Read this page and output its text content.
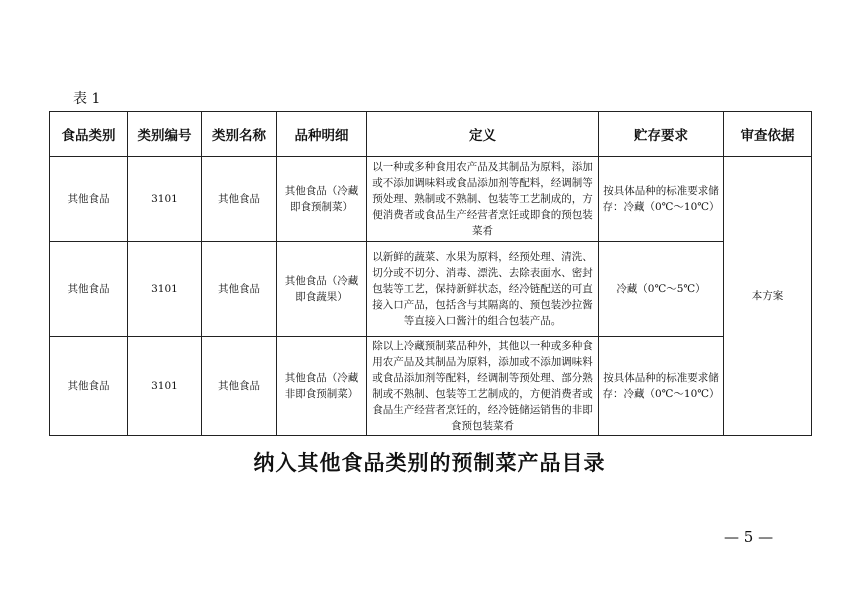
表 1
食品类别	类别编号	类别名称	品种明细	定义	贮存要求	审查依据
其他食品	3101	其他食品	其他食品（冷藏即食预制菜）	以一种或多种食用农产品及其制品为原料，添加或不添加调味料或食品添加剂等配料，经调制等预处理、熟制或不熟制、包装等工艺制成的，方便消费者或食品生产经营者烹饪或即食的预包装菜肴	按具体品种的标准要求储存：冷藏（0℃～10℃）	本方案
其他食品	3101	其他食品	其他食品（冷藏即食蔬果）	以新鲜的蔬菜、水果为原料，经预处理、清洗、切分或不切分、消毒、漂洗、去除表面水、密封包装等工艺，保持新鲜状态，经冷链配送的可直接入口产品，包括含与其隔离的、预包装沙拉酱等直接入口酱汁的组合包装产品。	冷藏（0℃～5℃）	
其他食品	3101	其他食品	其他食品（冷藏非即食预制菜）	除以上冷藏预制菜品种外，其他以一种或多种食用农产品及其制品为原料，添加或不添加调味料或食品添加剂等配料，经调制等预处理、部分熟制或不熟制、包装等工艺制成的，方便消费者或食品生产经营者烹饪的，经冷链储运销售的非即食预包装菜肴	按具体品种的标准要求储存：冷藏（0℃～10℃）	
纳入其他食品类别的预制菜产品目录
— 5 —
